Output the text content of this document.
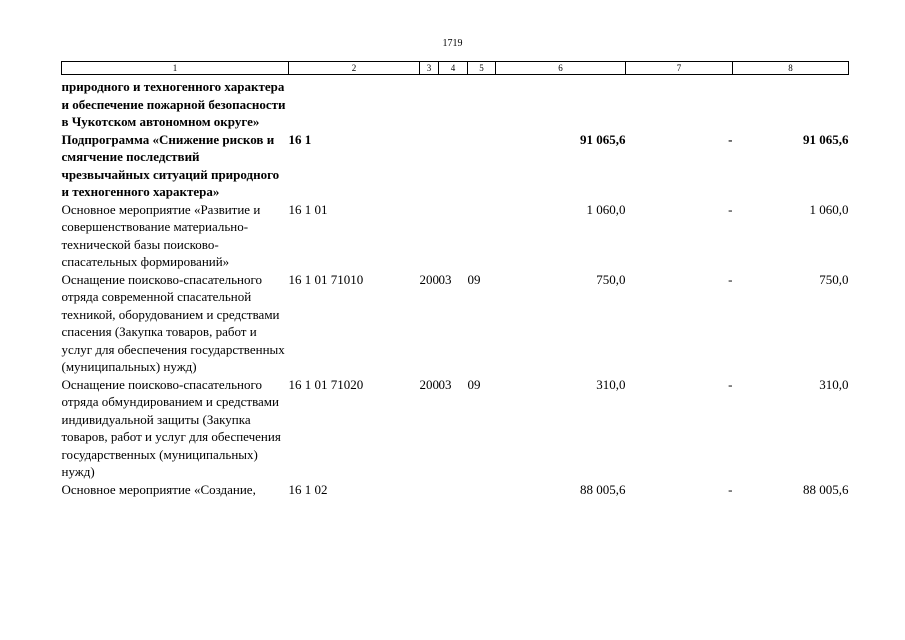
1719
1	2	3	4	5	6	7	8
природного и техногенного характера и обеспечение пожарной безопасности в Чукотском автономном округе»							
Подпрограмма «Снижение рисков и смягчение последствий чрезвычайных ситуаций природного и техногенного характера»	16 1				91 065,6	-	91 065,6
Основное мероприятие «Развитие и совершенствование материально-технической базы поисково-спасательных формирований»	16 1 01				1 060,0	-	1 060,0
Оснащение поисково-спасательного отряда современной спасательной техникой, оборудованием и средствами спасения (Закупка товаров, работ и услуг для обеспечения государственных (муниципальных) нужд)	16 1 01 71010	200	03	09	750,0	-	750,0
Оснащение поисково-спасательного отряда обмундированием и средствами индивидуальной защиты (Закупка товаров, работ и услуг для обеспечения государственных (муниципальных) нужд)	16 1 01 71020	200	03	09	310,0	-	310,0
Основное мероприятие «Создание,	16 1 02				88 005,6	-	88 005,6
